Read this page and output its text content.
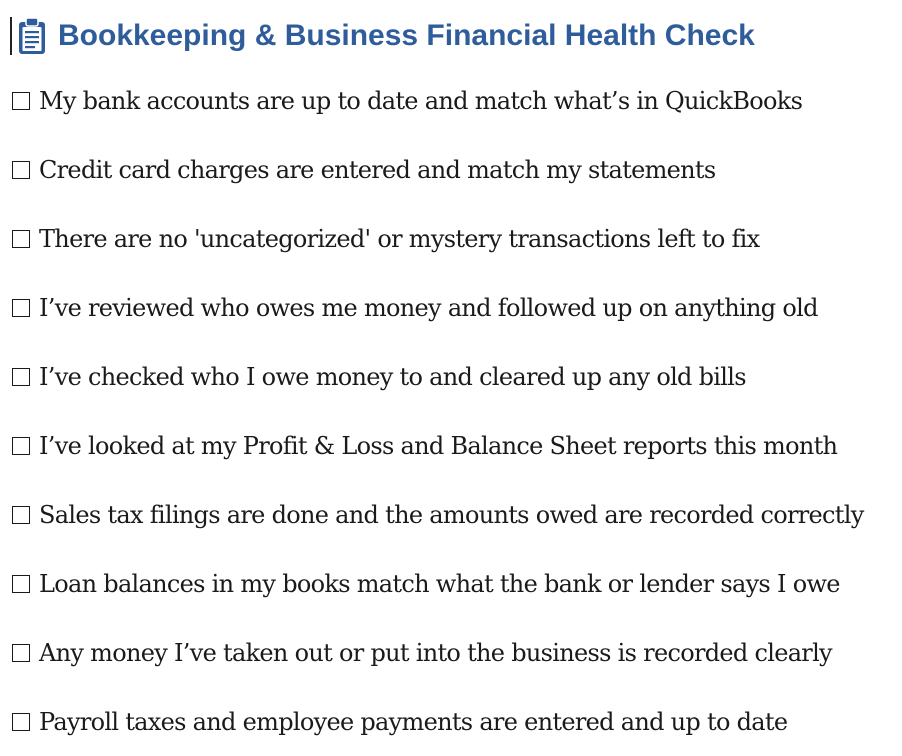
Bookkeeping & Business Financial Health Check
My bank accounts are up to date and match what’s in QuickBooks
Credit card charges are entered and match my statements
There are no 'uncategorized' or mystery transactions left to fix
I’ve reviewed who owes me money and followed up on anything old
I’ve checked who I owe money to and cleared up any old bills
I’ve looked at my Profit & Loss and Balance Sheet reports this month
Sales tax filings are done and the amounts owed are recorded correctly
Loan balances in my books match what the bank or lender says I owe
Any money I’ve taken out or put into the business is recorded clearly
Payroll taxes and employee payments are entered and up to date
